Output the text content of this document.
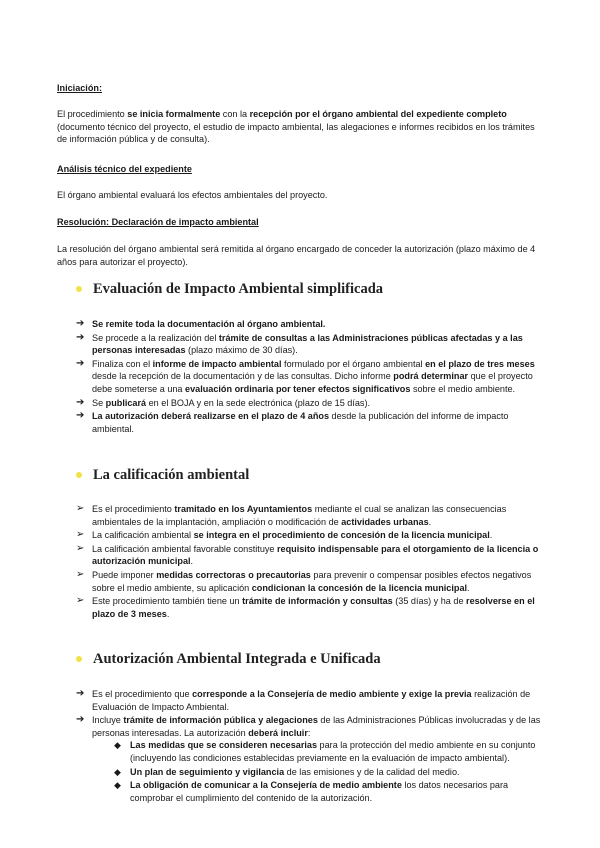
Iniciación:
El procedimiento se inicia formalmente con la recepción por el órgano ambiental del expediente completo (documento técnico del proyecto, el estudio de impacto ambiental, las alegaciones e informes recibidos en los trámites de información pública y de consulta).
Análisis técnico del expediente
El órgano ambiental evaluará los efectos ambientales del proyecto.
Resolución: Declaración de impacto ambiental
La resolución del órgano ambiental será remitida al órgano encargado de conceder la autorización (plazo máximo de 4 años para autorizar el proyecto).
Evaluación de Impacto Ambiental simplificada
➔ Se remite toda la documentación al órgano ambiental.
➔ Se procede a la realización del trámite de consultas a las Administraciones públicas afectadas y a las personas interesadas (plazo máximo de 30 días).
➔ Finaliza con el informe de impacto ambiental formulado por el órgano ambiental en el plazo de tres meses desde la recepción de la documentación y de las consultas. Dicho informe podrá determinar que el proyecto debe someterse a una evaluación ordinaria por tener efectos significativos sobre el medio ambiente.
➔ Se publicará en el BOJA y en la sede electrónica (plazo de 15 días).
➔ La autorización deberá realizarse en el plazo de 4 años desde la publicación del informe de impacto ambiental.
La calificación ambiental
➢ Es el procedimiento tramitado en los Ayuntamientos mediante el cual se analizan las consecuencias ambientales de la implantación, ampliación o modificación de actividades urbanas.
➢ La calificación ambiental se integra en el procedimiento de concesión de la licencia municipal.
➢ La calificación ambiental favorable constituye requisito indispensable para el otorgamiento de la licencia o autorización municipal.
➢ Puede imponer medidas correctoras o precautorias para prevenir o compensar posibles efectos negativos sobre el medio ambiente, su aplicación condicionan la concesión de la licencia municipal.
➢ Este procedimiento también tiene un trámite de información y consultas (35 días) y ha de resolverse en el plazo de 3 meses.
Autorización Ambiental Integrada e Unificada
➔ Es el procedimiento que corresponde a la Consejería de medio ambiente y exige la previa realización de Evaluación de Impacto Ambiental.
➔ Incluye trámite de información pública y alegaciones de las Administraciones Públicas involucradas y de las personas interesadas. La autorización deberá incluir:
◆ Las medidas que se consideren necesarias para la protección del medio ambiente en su conjunto (incluyendo las condiciones establecidas previamente en la evaluación de impacto ambiental).
◆ Un plan de seguimiento y vigilancia de las emisiones y de la calidad del medio.
◆ La obligación de comunicar a la Consejería de medio ambiente los datos necesarios para comprobar el cumplimiento del contenido de la autorización.
